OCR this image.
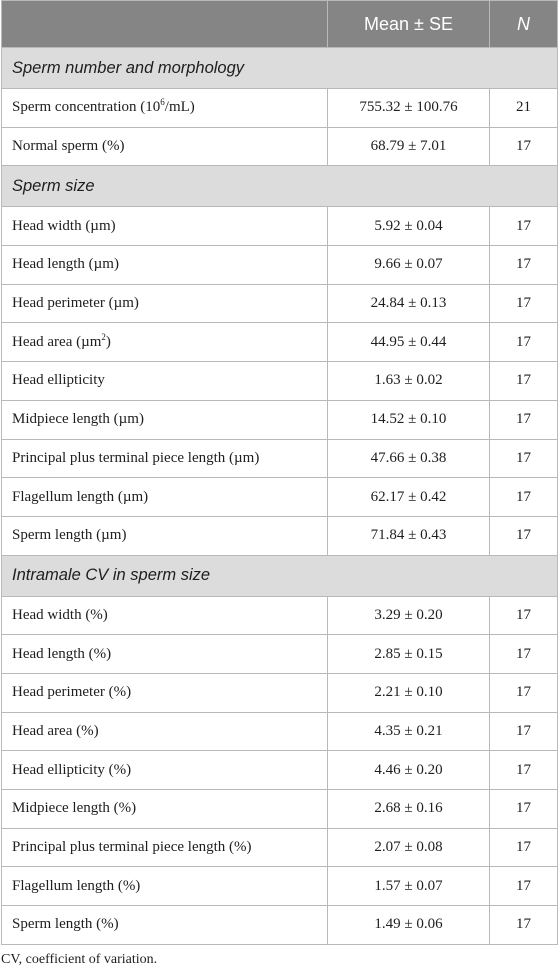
	Mean ± SE	N
Sperm number and morphology		
Sperm concentration $(10^6/mL)$	755.32 ± 100.76	21
Normal sperm (%)	68.79 ± 7.01	17
Sperm size		
Head width (µm)	5.92 ± 0.04	17
Head length (µm)	9.66 ± 0.07	17
Head perimeter (µm)	24.84 ± 0.13	17
Head area (µm$^2$)	44.95 ± 0.44	17
Head ellipticity	1.63 ± 0.02	17
Midpiece length (µm)	14.52 ± 0.10	17
Principal plus terminal piece length (µm)	47.66 ± 0.38	17
Flagellum length (µm)	62.17 ± 0.42	17
Sperm length (µm)	71.84 ± 0.43	17
Intramale CV in sperm size		
Head width (%)	3.29 ± 0.20	17
Head length (%)	2.85 ± 0.15	17
Head perimeter (%)	2.21 ± 0.10	17
Head area (%)	4.35 ± 0.21	17
Head ellipticity (%)	4.46 ± 0.20	17
Midpiece length (%)	2.68 ± 0.16	17
Principal plus terminal piece length (%)	2.07 ± 0.08	17
Flagellum length (%)	1.57 ± 0.07	17
Sperm length (%)	1.49 ± 0.06	17
CV, coefficient of variation.
